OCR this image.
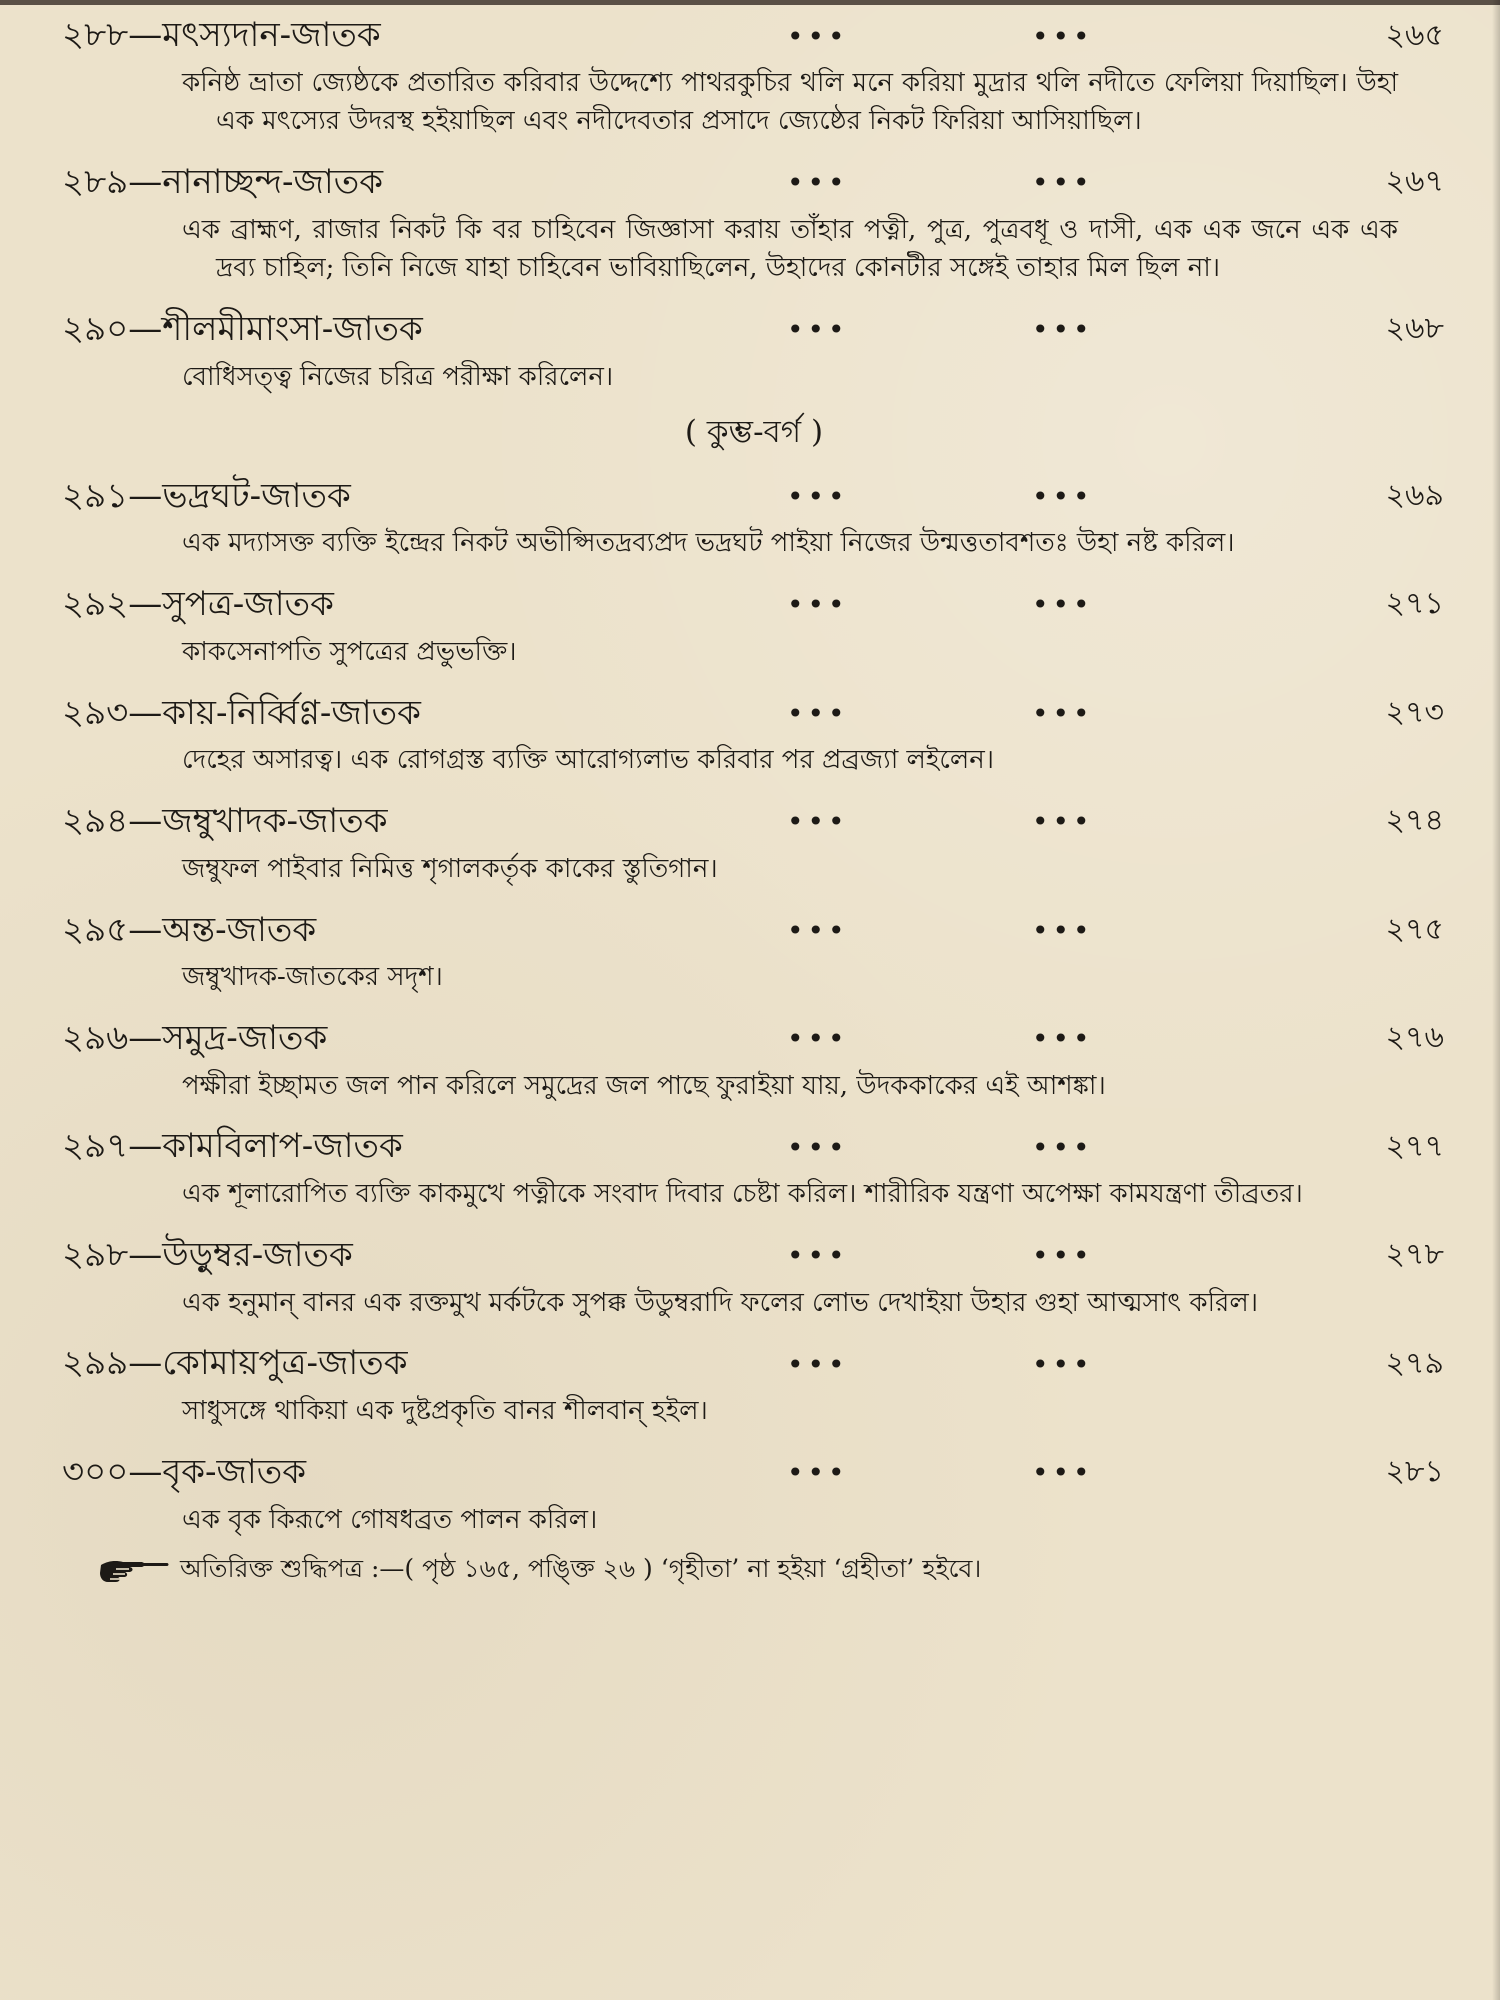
২৮৮—মৎস্যদান-জাতক	•••	•••	২৬৫
কনিষ্ঠ ভ্রাতা জ্যেষ্ঠকে প্রতারিত করিবার উদ্দেশ্যে পাথরকুচির থলি মনে করিয়া মুদ্রার থলি নদীতে ফেলিয়া দিয়াছিল। উহা এক মৎস্যের উদরস্থ হইয়াছিল এবং নদীদেবতার প্রসাদে জ্যেষ্ঠের নিকট ফিরিয়া আসিয়াছিল।
২৮৯—নানাচ্ছন্দ-জাতক	•••	•••	২৬৭
এক ব্রাহ্মণ, রাজার নিকট কি বর চাহিবেন জিজ্ঞাসা করায় তাঁহার পত্নী, পুত্র, পুত্রবধূ ও দাসী, এক এক জনে এক এক দ্রব্য চাহিল; তিনি নিজে যাহা চাহিবেন ভাবিয়াছিলেন, উহাদের কোনটীর সঙ্গেই তাহার মিল ছিল না।
২৯০—শীলমীমাংসা-জাতক	•••	•••	২৬৮
বোধিসত্ত্ব নিজের চরিত্র পরীক্ষা করিলেন।
( কুম্ভ-বর্গ )
২৯১—ভদ্রঘট-জাতক	•••	•••	২৬৯
এক মদ্যাসক্ত ব্যক্তি ইন্দ্রের নিকট অভীপ্সিতদ্রব্যপ্রদ ভদ্রঘট পাইয়া নিজের উন্মত্ততাবশতঃ উহা নষ্ট করিল।
২৯২—সুপত্র-জাতক	•••	•••	২৭১
কাকসেনাপতি সুপত্রের প্রভুভক্তি।
২৯৩—কায়-নির্ব্বিণ্ণ-জাতক	•••	•••	২৭৩
দেহের অসারত্ব। এক রোগগ্রস্ত ব্যক্তি আরোগ্যলাভ করিবার পর প্রব্রজ্যা লইলেন।
২৯৪—জম্বুখাদক-জাতক	•••	•••	২৭৪
জম্বুফল পাইবার নিমিত্ত শৃগালকর্তৃক কাকের স্তুতিগান।
২৯৫—অন্ত-জাতক	•••	•••	২৭৫
জম্বুখাদক-জাতকের সদৃশ।
২৯৬—সমুদ্র-জাতক	•••	•••	২৭৬
পক্ষীরা ইচ্ছামত জল পান করিলে সমুদ্রের জল পাছে ফুরাইয়া যায়, উদককাকের এই আশঙ্কা।
২৯৭—কামবিলাপ-জাতক	•••	•••	২৭৭
এক শূলারোপিত ব্যক্তি কাকমুখে পত্নীকে সংবাদ দিবার চেষ্টা করিল। শারীরিক যন্ত্রণা অপেক্ষা কামযন্ত্রণা তীব্রতর।
২৯৮—উড়ুম্বর-জাতক	•••	•••	২৭৮
এক হনুমান্ বানর এক রক্তমুখ মর্কটকে সুপক্ক উডুম্বরাদি ফলের লোভ দেখাইয়া উহার গুহা আত্মসাৎ করিল।
২৯৯—কোমায়পুত্র-জাতক	•••	•••	২৭৯
সাধুসঙ্গে থাকিয়া এক দুষ্টপ্রকৃতি বানর শীলবান্ হইল।
৩০০—বৃক-জাতক	•••	•••	২৮১
এক বৃক কিরূপে গোষধব্রত পালন করিল।
অতিরিক্ত শুদ্ধিপত্র :—( পৃষ্ঠ ১৬৫, পঙ্ক্তি ২৬ ) ‘গৃহীতা’ না হইয়া ‘গ্রহীতা’ হইবে।
